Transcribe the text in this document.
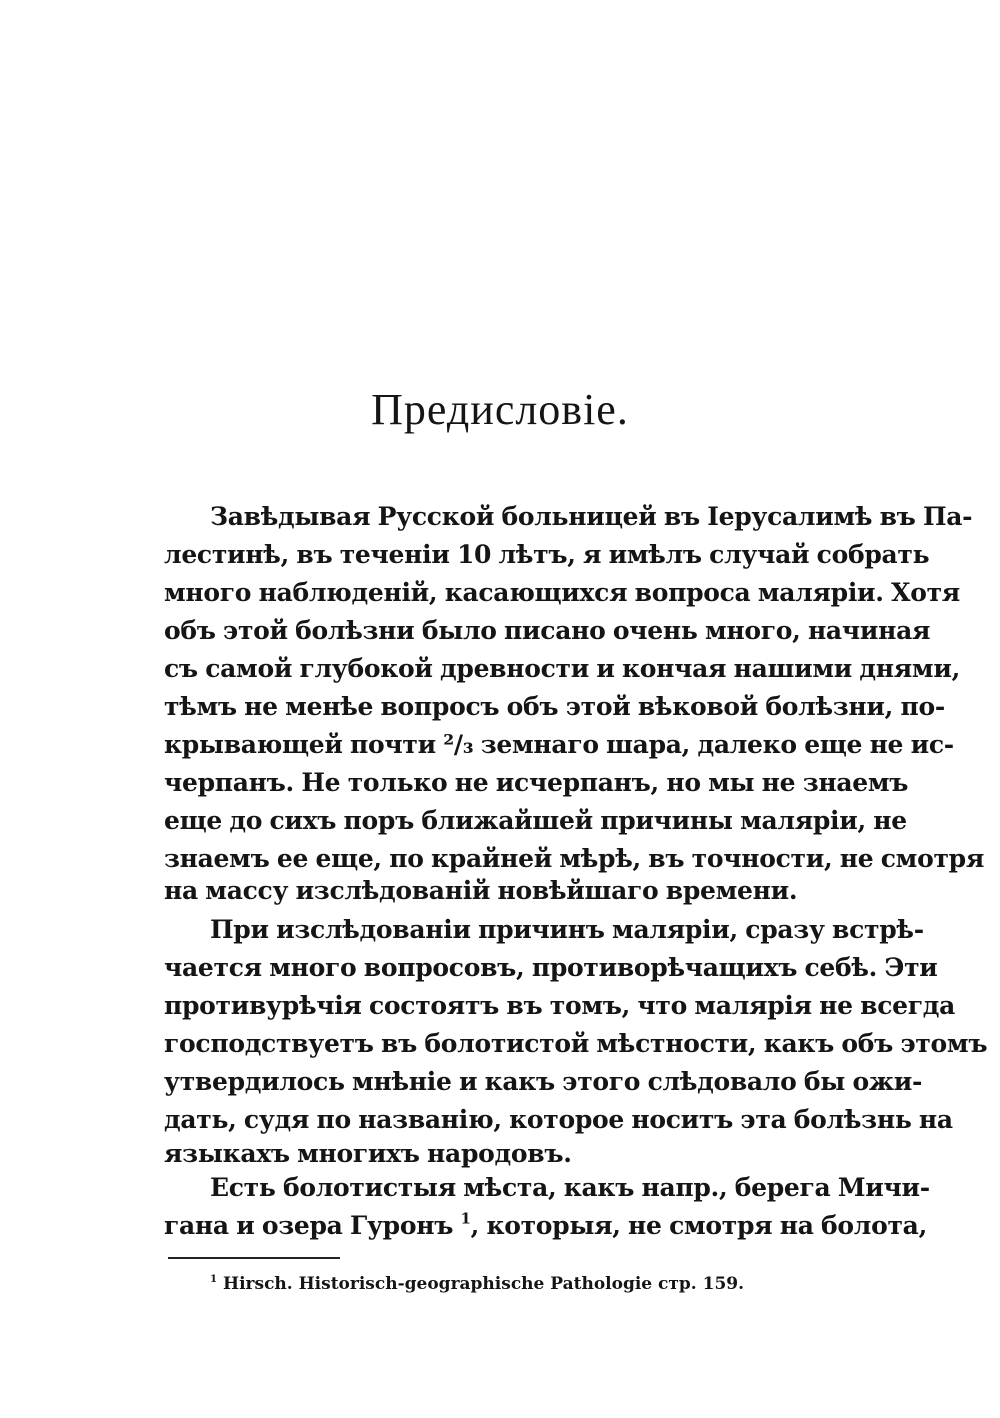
Предисловіе.

Завѣдывая Русской больницей въ Iерусалимѣ въ Па-

лестинѣ, въ теченіи 10 лѣтъ, я имѣлъ случай собрать

много наблюденій, касающихся вопроса маляріи. Хотя

объ этой болѣзни было писано очень много, начиная

съ самой глубокой древности и кончая нашими днями,

тѣмъ не менѣе вопросъ объ этой вѣковой болѣзни, по-

крывающей почти ²/₃ земнаго шара, далеко еще не ис-

черпанъ. Не только не исчерпанъ, но мы не знаемъ

еще до сихъ поръ ближайшей причины маляріи, не

знаемъ ее еще, по крайней мѣрѣ, въ точности, не смотря

на массу изслѣдованій новѣйшаго времени.

При изслѣдованіи причинъ маляріи, сразу встрѣ-

чается много вопросовъ, противорѣчащихъ себѣ. Эти

противурѣчія состоятъ въ томъ, что малярія не всегда

господствуетъ въ болотистой мѣстности, какъ объ этомъ

утвердилось мнѣніе и какъ этого слѣдовало бы ожи-

дать, судя по названію, которое носитъ эта болѣзнь на

языкахъ многихъ народовъ.

Есть болотистыя мѣста, какъ напр., берега Мичи-

гана и озера Гуронъ $^1$, которыя, не смотря на болота,

$^1$ Hirsch. Historisch-geographische Pathologie стр. 159.
